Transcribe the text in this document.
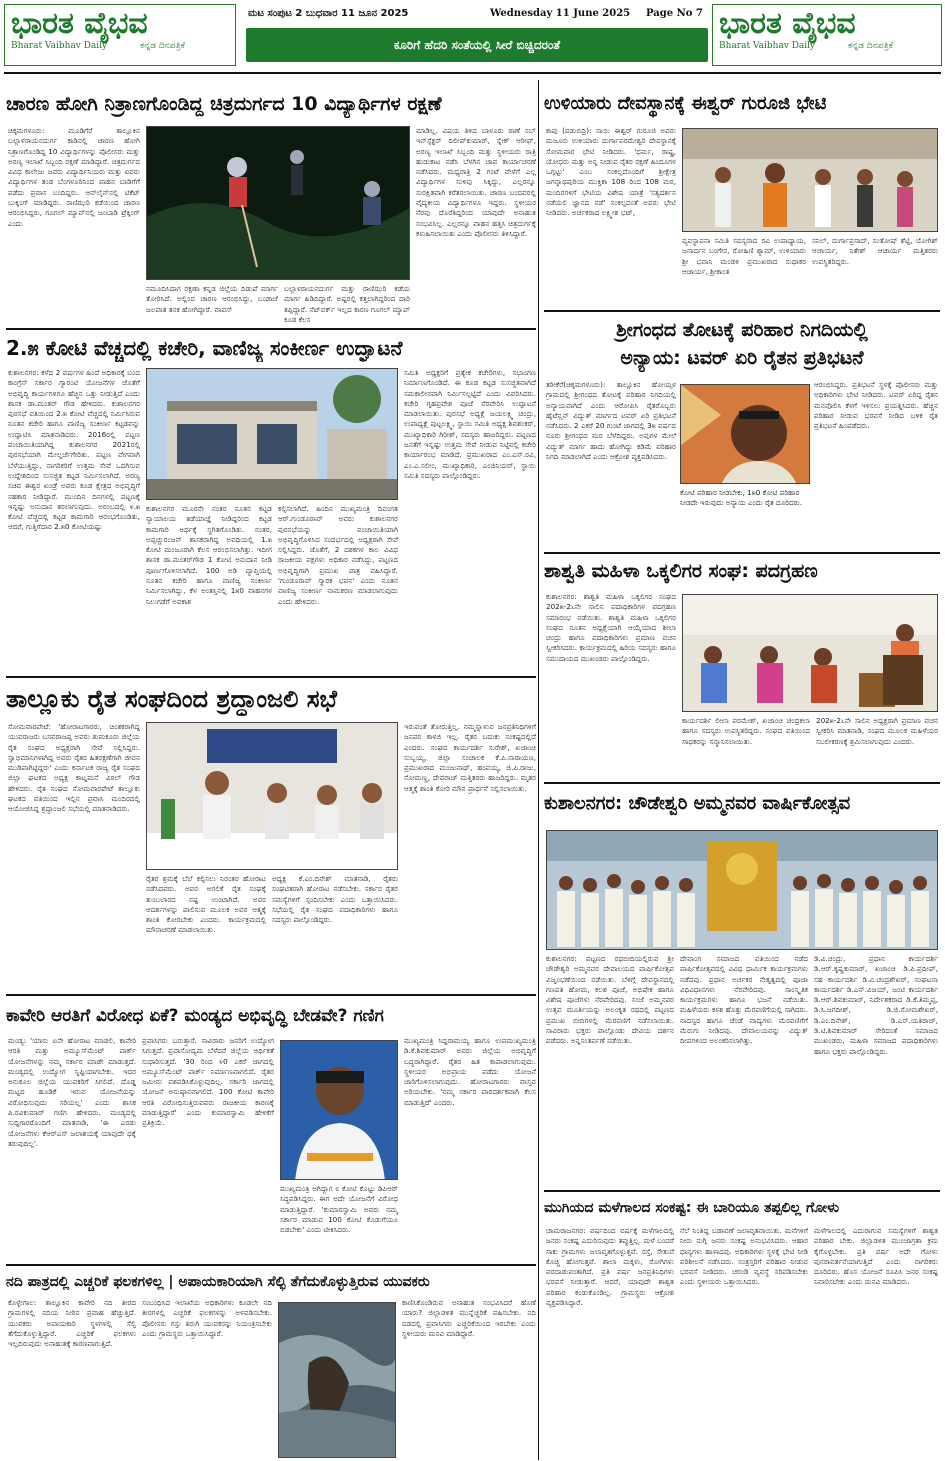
ಭಾರತ ವೈಭವ
Bharat Vaibhav Daily	ಕನ್ನಡ ದಿನಪತ್ರಿಕೆ
ಮಟ ಸಂಪುಟ 2 ಬುಧವಾರ 11 ಜೂನ 2025	Wednesday 11 June 2025	Page No 7
ಕೂರಿಗೆ ಹೆದರಿ ಸಂತೆಯಲ್ಲಿ ಸೀರೆ ಬಿಚ್ಚಿದರಂತೆ
ಭಾರತ ವೈಭವ
Bharat Vaibhav Daily	ಕನ್ನಡ ದಿನಪತ್ರಿಕೆ
ಚಾರಣ ಹೋಗಿ ನಿತ್ರಾಣಗೊಂಡಿದ್ದ ಚಿತ್ರದುರ್ಗದ 10 ವಿದ್ಯಾರ್ಥಿಗಳ ರಕ್ಷಣೆ
ಚಿಕ್ಕಮಗಳೂರು: ಮೂಡಿಗೆರೆ ತಾಲ್ಲೂಕಿನ ಬಲ್ಲಾಳರಾಯನದುರ್ಗ ಕಾಡಿನಲ್ಲಿ ಚಾರಣ ಹೋಗಿ ನಿತ್ರಾಣಗೊಂಡಿದ್ದ 10 ವಿದ್ಯಾರ್ಥಿಗಳನ್ನು ಪೊಲೀಸರು ಮತ್ತು ಅರಣ್ಯ ಇಲಾಖೆ ಸಿಬ್ಬಂದಿ ರಕ್ಷಣೆ ಮಾಡಿದ್ದಾರೆ. ಚಿತ್ರದುರ್ಗದ ವಿವಿಧ ಕಾಲೇಜು ಜವರು ವಿದ್ಯಾರ್ಥಿನಿಯರು ಮತ್ತು ಐವರು ವಿದ್ಯಾರ್ಥಿಗಳ ತಂಡ ಬೆಂಗಳೂರಿನಿಂದ ವಾಹನ ಬಾಡಿಗೆಗೆ ಪಡೆದು ಪ್ರವಾಸ ಬಂದಿದ್ದರು. ಆನ್‌ಲೈನ್‌ನಲ್ಲಿ ಟಿಕೆಟ್ ಬುಕ್ಕಿಂಗ್ ಮಾಡಿದ್ದರು. ರಾಣಿಝರಿ ಕಡೆಯಿಂದ ಚಾರಣ ಆರಂಭಿಸಿದ್ದರು, ಗೂಗಲ್ ಮ್ಯಾಪ್‌ನಲ್ಲಿ ಜಂಬಾಡಿ ಟ್ರೆಕ್ಕಿಂಗ್ ಎಂದು
ನಮೂದಿಸಿದಾಗ ರಕ್ಷಣಾ ಕನ್ನಡ ಜಿಲ್ಲೆಯ ದಿಡುಪೆ ಮಾರ್ಗ ತೋರಿಸಿದೆ. ಅಲ್ಲಿಂದ ಚಾರಣ ಆರಂಭಿಸಿದ್ದು, ಬಂಡಾಜೆ ಜಲಪಾತ ತನಕ ಹೋಗಿದ್ದಾರೆ. ವಾಪಸ್
ಬಲ್ಲಾಳರಾಯನದುರ್ಗ ಮತ್ತು ರಾಣಿಝರಿ ಕಡೆಯ ಮಾರ್ಗ ಹಿಡಿದಿದ್ದಾರೆ. ಅಷ್ಟರಲ್ಲಿ ಕತ್ತಲಾಗಿದ್ದರಿಂದ ದಾರಿ ತಪ್ಪಿದ್ದಾರೆ. ನೆಟ್‌ವರ್ಕ್ ಇಲ್ಲದ ಕಾರಣ ಗೂಗಲ್ ಮ್ಯಾಪ್ ಕೂಡ ಕೆಲಸ
ಮಾಡಿಲ್ಲ. ವಿಷಯ ತಿಳಿದ ಬಾಳೂರು ಠಾಣೆ ಸಬ್ ಇನ್‌ಸ್ಪೆಕ್ಟರ್ ದಿಲೀಪ್‌ಕುಮಾರ್, ಸ್ನೇಕ್ ಆರೀಫ್, ಅರಣ್ಯ ಇಲಾಖೆ ಸಿಬ್ಬಂದಿ ಮತ್ತು ಸ್ಥಳೀಯರು ರಾತ್ರಿ ಹುಡುಕಾಟ ನಡೆಸಿ ಬೆಳಗಿನ ಜಾವ ಕಾರ್ಯಾಚರಣೆ ನಡೆಸಿದರು. ಮಧ್ಯರಾತ್ರಿ 2 ಗಂಟೆ ವೇಳೆಗೆ ಎಲ್ಲ ವಿದ್ಯಾರ್ಥಿಗಳ ಸುಳಿವು ಸಿಕ್ಕಿದ್ದು, ಎಲ್ಲರನ್ನೂ ಸುರಕ್ಷಿತವಾಗಿ ಕರೆತರಲಾಯಿತು. ಚಾರಣ ಬಂದವರಲ್ಲಿ ವೈದ್ಯಕೀಯ ವಿದ್ಯಾರ್ಥಿಗಳೂ ಇದ್ದರು. ಸ್ಥಳೀಯರ ನೆರವು ದೊರೆತಿದ್ದರಿಂದ ಯಾವುದೇ ಅನಾಹುತ ಸಂಭವಿಸಿಲ್ಲ. ಎಲ್ಲರನ್ನೂ ವಾಹನ ಹತ್ತಿಸಿ ಚಿತ್ರದುರ್ಗಕ್ಕೆ ಕಳುಹಿಸಲಾಯಿತು ಎಂದು ಪೊಲೀಸರು ತಿಳಿಸಿದ್ದಾರೆ.
2.೫ ಕೋಟಿ ವೆಚ್ಚದಲ್ಲಿ ಕಚೇರಿ, ವಾಣಿಜ್ಯ ಸಂಕೀರ್ಣ ಉದ್ಘಾಟನೆ
ಕುಶಾಲನಗರ: ಕಳೆದ 2 ವರ್ಷಗಳ ಹಿಂದೆ ಅಧಿಕಾರಕ್ಕೆ ಬಂದ ಕಾಂಗ್ರೆಸ್ ಸರ್ಕಾರ ಗ್ಯಾರಂಟಿ ಯೋಜನೆಗಳ ಜೊತೆಗೆ ಅಭಿವೃದ್ಧಿ ಕಾರ್ಯಗಳಿಗೂ ಹೆಚ್ಚಿನ ಒತ್ತು ನೀಡುತ್ತಿದೆ ಎಂದು ಶಾಸಕ ಡಾ.ಮಂತರ್ ಗೌಡ ಹೇಳಿದರು. ಕುಶಾಲನಗರ ಪುರಸಭೆ ವತಿಯಿಂದ 2.೫ ಕೋಟಿ ವೆಚ್ಚದಲ್ಲಿ ನಿರ್ಮಿಸಿರುವ ನೂತನ ಕಚೇರಿ ಹಾಗೂ ವಾಣಿಜ್ಯ ಸಂಕೀರ್ಣ ಕಟ್ಟಡವನ್ನು ಉದ್ಘಾಟಿಸಿ ಮಾತನಾಡಿದರು. 2016ರಲ್ಲಿ ಪಟ್ಟಣ ಪಂಚಾಯಿತಿಯಾಗಿದ್ದ ಕುಶಾಲನಗರ 2021ರಲ್ಲಿ ಪುರಸಭೆಯಾಗಿ ಮೇಲ್ದರ್ಜೆಗೇರಿತು. ಪಟ್ಟಣ ವೇಗವಾಗಿ ಬೆಳೆಯುತ್ತಿದ್ದು, ನಾಗರಿಕರಿಗೆ ಉತ್ತಮ ಸೇವೆ ಒದಗಿಸುವ ಉದ್ದೇಶದಿಂದ ಸುಸಜ್ಜಿತ ಕಟ್ಟಡ ನಿರ್ಮಿಸಲಾಗಿದೆ. ಅರಣ್ಯ ಸಚಿವ ಈಶ್ವರ ಖಂಡ್ರೆ ಅವರು ಕೂಡ ಕ್ಷೇತ್ರದ ಅಭಿವೃದ್ಧಿಗೆ ಸಹಕಾರ ನೀಡಿದ್ದಾರೆ. ಮುಂದಿನ ದಿನಗಳಲ್ಲಿ ಪಟ್ಟಣಕ್ಕೆ ಇನ್ನಷ್ಟು ಅನುದಾನ ತರಲಾಗುವುದು. ಅರಂಬದಲ್ಲಿ ೪.೫ ಕೋಟಿ ವೆಚ್ಚದಲ್ಲಿ ಕಟ್ಟಡ ಕಾಮಗಾರಿ ಆರಂಭಗೊಂಡಿತು, ಆದರೆ, ಗುತ್ತಿಗೆದಾರ 2.೫0 ಕೋಟಿಯಷ್ಟು
ಕುಶಾಲನಗರ ಮೂರನೇ ನಂತರ ನೂತನ ಕಟ್ಟಡ ನ್ಯಾಯಾಲಯ ತಡೆಯಾಜ್ಞೆ ನೀಡಿದ್ದರಿಂದ ಕಟ್ಟಡ ಕಾಮಗಾರಿ ಅರ್ಧಕ್ಕೆ ಸ್ಥಗಿತಗೊಂಡಿತು. ನಂತರ, ಅಪ್ಪಚ್ಚುರಂಜನ್ ಶಾಸಕರಾಗಿದ್ದ ಅವಧಿಯಲ್ಲಿ 1.೫ ಕೋಟಿ ಮಂಜೂರಾಗಿ ಕೆಲಸ ಆರಂಭಿಸಲಾಗಿತ್ತು. ಇದೀಗ ಶಾಸಕ ಡಾ.ಮಂತರ್‌ಗೌಡ 1 ಕೋಟಿ ಅನುದಾನ ನೀಡಿ ಪೂರ್ಣಗೊಳಿಸಲಾಗಿದೆ. 100 ಅಡಿ ವ್ಯಾಪ್ತಿಯಲ್ಲಿ ನೂತನ ಕಚೇರಿ ಹಾಗೂ ವಾಣಿಜ್ಯ ಸಂಕೀರ್ಣ ನಿರ್ಮಿಸಲಾಗಿದ್ದು, ಕೆಳ ಅಂತಸ್ತಿನಲ್ಲಿ 1೫0 ವಾಹನಗಳ ನಿಲುಗಡೆಗೆ ಅವಕಾಶ
ಕಲ್ಪಿಸಲಾಗಿದೆ. ಹಿಂದಿನ ಮುಖ್ಯಮಂತ್ರಿ ದಿವಂಗತ ಆರ್.ಗುಂಡೂರಾವ್ ಅವರು ಕುಶಾಲನಗರ ಪುರಸಭೆಯನ್ನು ಪಂಚಾಯಿತಿಯಾಗಿ ಅಭಿವೃದ್ಧಿಗೊಳಿಸಿದ ಸಂದರ್ಭದಲ್ಲಿ ಅಧ್ಯಕ್ಷರಾಗಿ ಸೇವೆ ಸಲ್ಲಿಸಿದ್ದರು. ಜೊತೆಗೆ, 2 ದಶಕಗಳ ಕಾಲ ವಿವಿಧ ರಾಜಕೀಯ ಪಕ್ಷಗಳು ಅಧಿಕಾರ ನಡೆಸಿದ್ದು, ಪಟ್ಟಣದ ಅಭಿವೃದ್ಧಿಗಾಗಿ ಪ್ರಮುಖ ಪಾತ್ರ ವಹಿಸಿದ್ದಾರೆ. 'ಗುಂಡೂರಾವ್ ಸ್ಮಾರಕ ಭವನ' ಎಂದು ನೂತನ ವಾಣಿಜ್ಯ ಸಂಕೀರ್ಣ ನಾಮಕರಣ ಮಾಡಲಾಗುವುದು ಎಂದು ಹೇಳಿದರು.
ಸಮಿತಿ ಅಧ್ಯಕ್ಷರಿಗೆ ಪ್ರತ್ಯೇಕ ಕಚೇರಿಗಳು, ಸಭಾಂಗಣ ನಿರ್ಮಾಣಗೊಂಡಿದೆ. ಈ ಕೂಡ ಕಟ್ಟಡ ಸುಸಜ್ಜಿತವಾಗಿದೆ ಸಮಕಾಲೀನವಾಗಿ ನಿರ್ಮಿಸಲ್ಪಟ್ಟಿದೆ ಎಂದು ವಿವರಿಸಿದರು. ಕಚೇರಿ ಗೃಹಪ್ರವೇಶ ಪೂಜೆ ನೆರವೇರಿಸಿ ಉದ್ಘಾಟನೆ ಮಾಡಲಾಯಿತು. ಪುರಸಭೆ ಅಧ್ಯಕ್ಷೆ ಜಯಲಕ್ಷ್ಮಿ ಚಂದ್ರು, ಉಪಾಧ್ಯಕ್ಷೆ ಪುಟ್ಟಲಕ್ಷ್ಮಿ, ಸ್ಥಾಯಿ ಸಮಿತಿ ಅಧ್ಯಕ್ಷ ಶಿವಶಂಕರ್, ಮುಖ್ಯಾಧಿಕಾರಿ ಗಿರೀಶ್, ಸದಸ್ಯರು ಹಾಜರಿದ್ದರು. ಪಟ್ಟಣದ ಜನತೆಗೆ ಇನ್ನಷ್ಟು ಉತ್ತಮ ಸೇವೆ ನೀಡುವ ನಿಟ್ಟಿನಲ್ಲಿ ಕಚೇರಿ ಕಾರ್ಯಾರಂಭ ಮಾಡಿದೆ. ಪ್ರಮುಖರಾದ ಎಂ.ಎಸ್.ರವಿ, ಎಂ.ಎ.ಸಲೀಂ, ಮುಖ್ಯಾಧಿಕಾರಿ, ಎಂಜಿನಿಯರ್, ಸ್ಥಾಯಿ ಸಮಿತಿ ಸದಸ್ಯರು ಪಾಲ್ಗೊಂಡಿದ್ದರು.
ತಾಲ್ಲೂಕು ರೈತ ಸಂಘದಿಂದ ಶ್ರದ್ಧಾಂಜಲಿ ಸಭೆ
ಸೋಮವಾರಪೇಟೆ: 'ಹೋರಾಟಗಾರರು, ಚಿಂತಕರಾಗಿದ್ದ ಯುವರಾಜರು ಬಸವರಾಜಪ್ಪ ಅವರು ತುಮಕೂರು ಜಿಲ್ಲೆಯ ರೈತ ಸಂಘದ ಅಧ್ಯಕ್ಷರಾಗಿ ಸೇವೆ ಸಲ್ಲಿಸಿದ್ದರು. ಸ್ವಾಭಿಮಾನಿಗಳಾಗಿದ್ದ ಅವರು ರೈತರ ಹಿತರಕ್ಷಣೆಗಾಗಿ ಜೀವನ ಮುಡಿಪಾಗಿಟ್ಟಿದ್ದರು' ಎಂದು ಕರ್ನಾಟಕ ರಾಜ್ಯ ರೈತ ಸಂಘದ ಜಿಲ್ಲಾ ಘಟಕದ ಅಧ್ಯಕ್ಷ ಕಾಟ್ನಮನೆ ವಿಠಲ್ ಗೌಡ ಹೇಳಿದರು. ರೈತ ಸಂಘದ ಸೋಮವಾರಪೇಟೆ ತಾಲ್ಲೂಕು ಘಟಕದ ವತಿಯಿಂದ ಇಲ್ಲಿನ ಪ್ರವಾಸಿ ಮಂದಿರದಲ್ಲಿ ಆಯೋಜಿಸಿದ್ದ ಶ್ರದ್ಧಾಂಜಲಿ ಸಭೆಯಲ್ಲಿ ಮಾತನಾಡಿದರು.
ರೈತರ ಶ್ರಮಕ್ಕೆ ಬೆಲೆ ಕಲ್ಪಿಸಲು ನಿರಂತರ ಹೋರಾಟ ನಡೆಸಿದವರು. ಅವರ ಅಗಲಿಕೆ ರೈತ ಸಂಘಕ್ಕೆ ತುಂಬಲಾರದ ನಷ್ಟ ಉಂಟಾಗಿದೆ. ಅವರ ಆದರ್ಶಗಳನ್ನು ಪಾಲಿಸುವ ಮೂಲಕ ಅವರ ಆತ್ಮಕ್ಕೆ ಶಾಂತಿ ಕೋರಬೇಕು ಎಂದರು. ಕಾರ್ಯಕ್ರಮದಲ್ಲಿ ಮೌನಾಚರಣೆ ಮಾಡಲಾಯಿತು.
ಅಧ್ಯಕ್ಷ ಕೆ.ಎಂ.ದಿನೇಶ್ ಮಾತನಾಡಿ, ರೈತರು ಸಂಘಟಿತರಾಗಿ ಹೋರಾಟ ನಡೆಸಬೇಕು. ಸರ್ಕಾರ ರೈತರ ಸಮಸ್ಯೆಗಳಿಗೆ ಸ್ಪಂದಿಸಬೇಕು ಎಂದು ಒತ್ತಾಯಿಸಿದರು. ಸಭೆಯಲ್ಲಿ ರೈತ ಸಂಘದ ಪದಾಧಿಕಾರಿಗಳು ಹಾಗೂ ಸದಸ್ಯರು ಪಾಲ್ಗೊಂಡಿದ್ದರು.
ಇರುವಂತೆ ತೋರುತ್ತಿಲ್ಲ. ನಮ್ಮನ್ನಾಳುವ ಜನಪ್ರತಿನಿಧಿಗಳಿಗೆ ಜನಪರ ಕಾಳಜಿ ಇಲ್ಲ. ರೈತರ ಬದುಕು ಸಂಕಷ್ಟದಲ್ಲಿದೆ ಎಂದರು. ಸಂಘದ ಕಾರ್ಯದರ್ಶಿ ಸುರೇಶ್, ಖಜಾಂಚಿ ಸುಬ್ಬಯ್ಯ, ಜಿಲ್ಲಾ ಸಂಚಾಲಕ ಕೆ.ಪಿ.ನಾರಾಯಣ, ಪ್ರಮುಖರಾದ ಮಂಜುನಾಥ್, ಹಂಪಯ್ಯ, ಜಿ.ಪಿ.ರಾಜು, ಸೋಮಣ್ಣ, ದೇವರಾಜ್ ಮತ್ತಿತರರು ಹಾಜರಿದ್ದರು. ಮೃತರ ಆತ್ಮಕ್ಕೆ ಶಾಂತಿ ಕೋರಿ ಮೌನ ಪ್ರಾರ್ಥನೆ ಸಲ್ಲಿಸಲಾಯಿತು.
ಕಾವೇರಿ ಆರತಿಗೆ ವಿರೋಧ ಏಕೆ? ಮಂಡ್ಯದ ಅಭಿವೃದ್ಧಿ ಬೇಡವೇ? ಗಣಿಗ
ಮಂಡ್ಯ: 'ಯಾರು ಏನೇ ಹೋರಾಟ ಮಾಡಲಿ, ಕಾವೇರಿ ಆರತಿ ಮತ್ತು ಅಮ್ಯೂಸ್‌ಮೆಂಟ್ ಪಾರ್ಕ್ ಯೋಜನೆಗಳನ್ನು ನಮ್ಮ ಸರ್ಕಾರ ಮಾಡೇ ಮಾಡುತ್ತದೆ. ಮಂಡ್ಯದಲ್ಲಿ ಉದ್ಯೋಗ ಸೃಷ್ಟಿಯಾಗಬೇಕು. ಇದರ ಅನುಕೂಲ ಜಿಲ್ಲೆಯ ಯುವಕರಿಗೆ ಸಿಗಲಿದೆ. ದೊಡ್ಡ ಮಟ್ಟದ ಹೂಡಿಕೆ ಇರುವ ಯೋಜನೆಯನ್ನು ವಿರೋಧಿಸುವುದು ಸರಿಯಲ್ಲ' ಎಂದು ಶಾಸಕ ಪಿ.ರವಿಕುಮಾರ್ ಗಣಿಗ ಹೇಳಿದರು. ಮಂಡ್ಯದಲ್ಲಿ ಸುದ್ದಿಗಾರರೊಂದಿಗೆ ಮಾತನಾಡಿ, 'ಈ ಎರಡು ಯೋಜನೆಗಳು ಕೆಆರ್‌ಎಸ್ ಜಲಾಶಯಕ್ಕೆ ಯಾವುದೇ ಧಕ್ಕೆ ತರುವುದಿಲ್ಲ'.
ಪ್ರವಾಸಿಗರು ಬರುತ್ತಾರೆ. ಸಾವಿರಾರು ಜನರಿಗೆ ಉದ್ಯೋಗ ಸಿಗುತ್ತದೆ. ಪ್ರವಾಸೋದ್ಯಮ ಬೆಳೆದರೆ ಜಿಲ್ಲೆಯ ಆರ್ಥಿಕತೆ ಸುಧಾರಿಸುತ್ತದೆ. '30 ರಿಂದ ೪0 ಎಕರೆ ಜಾಗದಲ್ಲಿ ಅಮ್ಯೂಸ್‌ಮೆಂಟ್ ಪಾರ್ಕ್ ನಿರ್ಮಾಣವಾಗಲಿದೆ. ರೈತರ ಜಮೀನು ವಶಪಡಿಸಿಕೊಳ್ಳುವುದಿಲ್ಲ. ಸರ್ಕಾರಿ ಜಾಗದಲ್ಲಿ ಯೋಜನೆ ಅನುಷ್ಠಾನವಾಗಲಿದೆ. 100 ಕೋಟಿ ಕಾವೇರಿ ಆರತಿ ವಿರೋಧಿಸುತ್ತಿರುವವರು ರಾಜಕೀಯ ಕಾರಣಕ್ಕೆ ಮಾಡುತ್ತಿದ್ದಾರೆ' ಎಂದು ಕುಮಾರಸ್ವಾಮಿ ಹೇಳಿಕೆಗೆ ಪ್ರತಿಕ್ರಿಯೆ.
ಮುಖ್ಯಮಂತ್ರಿ ಅಗಿದ್ದಾಗ ೮ ಕೋಟಿ ಕೊಟ್ಟು ಡಿಪಿಆರ್ ಸಿದ್ಧಪಡಿಸಿದ್ದರು. ಈಗ ಅದೇ ಯೋಜನೆಗೆ ವಿರೋಧ ಮಾಡುತ್ತಿದ್ದಾರೆ. 'ಕುಮಾರಸ್ವಾಮಿ ಅವರು ನಮ್ಮ ಸರ್ಕಾರ ಮಾಡುವ 100 ಕೋಟಿ ಕೊಡುಗೆಯೂ ಬಿಡಬೇಕು' ಎಂದು ಟೀಕಿಸಿದರು.
ಮುಖ್ಯಮಂತ್ರಿ ಸಿದ್ದರಾಮಯ್ಯ ಹಾಗೂ ಉಪಮುಖ್ಯಮಂತ್ರಿ ಡಿ.ಕೆ.ಶಿವಕುಮಾರ್ ಅವರು ಜಿಲ್ಲೆಯ ಅಭಿವೃದ್ಧಿಗೆ ಬದ್ಧರಾಗಿದ್ದಾರೆ. ರೈತರ ಹಿತ ಕಾಪಾಡಲಾಗುವುದು. ಸ್ಥಳೀಯರ ಅಭಿಪ್ರಾಯ ಪಡೆದು ಯೋಜನೆ ಜಾರಿಗೊಳಿಸಲಾಗುವುದು. ಹೋರಾಟಗಾರರು ವಾಸ್ತವ ಅರಿಯಬೇಕು. 'ನಮ್ಮ ಸರ್ಕಾರ ಪಾರದರ್ಶಕವಾಗಿ ಕೆಲಸ ಮಾಡುತ್ತಿದೆ' ಎಂದರು.
ನದಿ ಪಾತ್ರದಲ್ಲಿ ಎಚ್ಚರಿಕೆ ಫಲಕಗಳಿಲ್ಲ | ಅಪಾಯಕಾರಿಯಾಗಿ ಸೆಲ್ಫಿ ತೆಗೆದುಕೊಳ್ಳುತ್ತಿರುವ ಯುವಕರು
ಕೊಳ್ಳೇಗಾಲ: ತಾಲ್ಲೂಕಿನ ಕಾವೇರಿ ನದಿ ತೀರದ ಗ್ರಾಮಗಳಲ್ಲಿ ನದಿಯ ನೀರಿನ ಪ್ರವಾಹ ಹೆಚ್ಚುತ್ತಿದೆ. ಯುವಕರು ಅಪಾಯಕಾರಿ ಸ್ಥಳಗಳಲ್ಲಿ ಸೆಲ್ಫಿ ತೆಗೆದುಕೊಳ್ಳುತ್ತಿದ್ದಾರೆ. ಎಚ್ಚರಿಕೆ ಫಲಕಗಳು ಇಲ್ಲದಿರುವುದು ಅನಾಹುತಕ್ಕೆ ಕಾರಣವಾಗುತ್ತಿದೆ.
ಸಂಬಂಧಿಸಿದ ಇಲಾಖೆಯ ಅಧಿಕಾರಿಗಳು ಕೂಡಲೇ ನದಿ ತೀರಗಳಲ್ಲಿ ಎಚ್ಚರಿಕೆ ಫಲಕಗಳನ್ನು ಅಳವಡಿಸಬೇಕು. ಪೊಲೀಸರು ಗಸ್ತು ತಿರುಗಿ ಯುವಕರನ್ನು ನಿಯಂತ್ರಿಸಬೇಕು ಎಂದು ಗ್ರಾಮಸ್ಥರು ಒತ್ತಾಯಿಸಿದ್ದಾರೆ.
ಕಾಣಿಸಿಕೊಂಡಿರುವ ಅನಾಹುತ ಸಂಭವಿಸಿದರೆ ಹೊಣೆ ಯಾರು? ಜಿಲ್ಲಾಡಳಿತ ಮುನ್ನೆಚ್ಚರಿಕೆ ವಹಿಸಬೇಕು. ನದಿ ದಡದಲ್ಲಿ ಪ್ರವಾಸಿಗರು ಎಚ್ಚರಿಕೆಯಿಂದ ಇರಬೇಕು ಎಂದು ಸ್ಥಳೀಯರು ಮನವಿ ಮಾಡಿದ್ದಾರೆ.
ಉಳಿಯಾರು ದೇವಸ್ಥಾನಕ್ಕೆ ಈಶ್ವರ್ ಗುರೂಜಿ ಭೇಟಿ
ಕಾಪು (ಪಡುಬಿದ್ರಿ): ಸಾಯಿ ಈಶ್ವರ್ ಗುರೂಜಿ ಅವರು ಮಜೂರು ಉಳಿಯಾರು ದುರ್ಗಾಪರಮೇಶ್ವರಿ ದೇವಸ್ಥಾನಕ್ಕೆ ಸೋಮವಾರ ಭೇಟಿ ನೀಡಿದರು. 'ಧರ್ಮ, ರಾಷ್ಟ್ರ, ಯೋಧರು ಮತ್ತು ಅನ್ನ ನೀಡುವ ರೈತರ ರಕ್ಷಣೆ ಹಿಂದೂಗಳ ಒಗ್ಗಟ್ಟು' ಎಂಬ ಸಂಕಲ್ಪದೊಂದಿಗೆ ಶ್ರೀಕ್ಷೇತ್ರ ಜಗನ್ನಾಥಪುರಿಯ ಮುಕ್ತಿಕಾ 108 ರಿಂದ 108 ಮಠ, ಮಂದಿರಗಳಿಗೆ ಭೇಟಿಯ ವಿಶೇಷ ಯಾತ್ರೆ 'ಸತ್ಯದರ್ಶನ ನಡೆಯಲಿ ಜ್ಞಾನದ ನಡೆ' ಸಂಕಲ್ಪದಂತೆ ಅವರು ಭೇಟಿ ನೀಡಿದರು. ಅರ್ಚಕರಾದ ಲಕ್ಷ್ಮೀಶ ಭಟ್,
ವ್ಯವಸ್ಥಾಪನಾ ಸಮಿತಿ ಸದಸ್ಯರಾದ ರವಿ ಉಪಾಧ್ಯಾಯ, ಜನಾರ್ದನ ಬಂಗೇರ, ರೋಹಿಣಿ ಶ್ಯಾಮ್, ಉಳಿಯಾರು ಶ್ರೀ ಭವಾನಿ ಮಂಡಳಿ ಪ್ರಮುಖರಾದ ಸುಧಾಕರ ಆಚಾರ್ಯ, ಶ್ರೀಕಾಂತ
ಸನಿಲ್, ದುರ್ಗಾಪ್ರಸಾದ್, ಸಂತೋಷ್ ಶೆಟ್ಟಿ, ಯೋಗಿಶ್ ಆಚಾರ್ಯ, ನಿತೇಶ್ ಆಚಾರ್ಯ ಮತ್ತಿತರರು ಉಪಸ್ಥಿತರಿದ್ದರು.
ಶ್ರೀಗಂಧದ ತೋಟಕ್ಕೆ ಪರಿಹಾರ ನಿಗದಿಯಲ್ಲಿ
ಅನ್ಯಾಯ: ಟವರ್ ಏರಿ ರೈತನ ಪ್ರತಿಭಟನೆ
ತರೀಕೆರೆ(ಚಿಕ್ಕಮಗಳೂರು): ತಾಲ್ಲೂಕಿನ ಹೋಯ್ಸಳ ಗ್ರಾಮದಲ್ಲಿ ಶ್ರೀಗಂಧದ ತೋಟಕ್ಕೆ ಪರಿಹಾರ ನಿಗದಿಯಲ್ಲಿ ಅನ್ಯಾಯವಾಗಿದೆ ಎಂದು ಆರೋಪಿಸಿ ರೈತರೊಬ್ಬರು ಹೈಟೆನ್ಷನ್ ವಿದ್ಯುತ್ ಮಾರ್ಗದ ಟವರ್ ಏರಿ ಪ್ರತಿಭಟನೆ ನಡೆಸಿದರು. 2 ಎಕರೆ 20 ಗುಂಟೆ ಜಾಗದಲ್ಲಿ 3೫ ವರ್ಷದ ನೂರು ಶ್ರೀಗಂಧದ ಮರ ಬೆಳೆದಿದ್ದರು. ಅವುಗಳ ಮೇಲೆ ವಿದ್ಯುತ್ ಮಾರ್ಗ ಹಾದು ಹೋಗಿದ್ದು ಕಡಿಮೆ ಪರಿಹಾರ ನಿಗದಿ ಮಾಡಲಾಗಿದೆ ಎಂದು ಆಕ್ರೋಶ ವ್ಯಕ್ತಪಡಿಸಿದರು.
ಆರಂಭಿಸಿದ್ದರು. ಪ್ರತಿಭಟನೆ ಸ್ಥಳಕ್ಕೆ ಪೊಲೀಸರು ಮತ್ತು ಅಧಿಕಾರಿಗಳು ಭೇಟಿ ನೀಡಿದರು. ಟವರ್ ಏರಿದ್ದ ರೈತನ ಮನವೊಲಿಸಿ ಕೆಳಗೆ ಇಳಿಸಲು ಪ್ರಯತ್ನಿಸಿದರು. ಹೆಚ್ಚಿನ ಪರಿಹಾರ ನೀಡುವ ಭರವಸೆ ನೀಡಿದ ಬಳಿಕ ರೈತ ಪ್ರತಿಭಟನೆ ಹಿಂಪಡೆದರು.
ಕೋಟಿ ಪರಿಹಾರ ನೀಡಬೇಕು, 1೫0 ಕೋಟಿ ಪರಿಹಾರ ನೀಡದೇ ಇರುವುದು ಅನ್ಯಾಯ ಎಂದು ರೈತ ದೂರಿದರು.
ಶಾಶ್ವತಿ ಮಹಿಳಾ ಒಕ್ಕಲಿಗರ ಸಂಘ: ಪದಗ್ರಹಣ
ಕುಶಾಲನಗರ: ಶಾಶ್ವತಿ ಮಹಿಳಾ ಒಕ್ಕಲಿಗರ ಸಂಘದ 202೫-2೬ನೇ ಸಾಲಿನ ಪದಾಧಿಕಾರಿಗಳ ಪದಗ್ರಹಣ ಸಮಾರಂಭ ನಡೆಯಿತು. ಶಾಶ್ವತಿ ಮಹಿಳಾ ಒಕ್ಕಲಿಗರ ಸಂಘದ ನೂತನ ಅಧ್ಯಕ್ಷೆಯಾಗಿ ಆಯ್ಕೆಯಾದ ಶೀಲಾ ಚಂದ್ರು ಹಾಗೂ ಪದಾಧಿಕಾರಿಗಳು ಪ್ರಮಾಣ ವಚನ ಸ್ವೀಕರಿಸಿದರು. ಕಾರ್ಯಕ್ರಮದಲ್ಲಿ ಹಿರಿಯ ಸದಸ್ಯರು ಹಾಗೂ ಸಮುದಾಯದ ಮುಖಂಡರು ಪಾಲ್ಗೊಂಡಿದ್ದರು.
ಕಾರ್ಯದರ್ಶಿ ಲೀಲಾ ಪರಮೇಶ್, ಖಜಾಂಚಿ ಚಂದ್ರಕಲಾ ಹಾಗೂ ಸದಸ್ಯರು ಉಪಸ್ಥಿತರಿದ್ದರು. ಸಂಘದ ವತಿಯಿಂದ ಸಾಧಕರನ್ನು ಸನ್ಮಾನಿಸಲಾಯಿತು.
202೫-2೬ನೇ ಸಾಲಿನ ಅಧ್ಯಕ್ಷರಾಗಿ ಪ್ರಮಾಣ ವಚನ ಸ್ವೀಕರಿಸಿ ಮಾತನಾಡಿ, ಸಂಘದ ಮೂಲಕ ಮಹಿಳೆಯರ ಸಬಲೀಕರಣಕ್ಕೆ ಶ್ರಮಿಸಲಾಗುವುದು ಎಂದರು.
ಕುಶಾಲನಗರ: ಚೌಡೇಶ್ವರಿ ಅಮ್ಮನವರ ವಾರ್ಷಿಕೋತ್ಸವ
ಕುಶಾಲನಗರ: ಪಟ್ಟಣದ ರಥಬೀದಿಯಲ್ಲಿರುವ ಶ್ರೀ ಚೌಡೇಶ್ವರಿ ಅಮ್ಮನವರ ದೇವಾಲಯದ ವಾರ್ಷಿಕೋತ್ಸವ ವಿಜೃಂಭಣೆಯಿಂದ ನಡೆಯಿತು. ಬೆಳಿಗ್ಗೆ ದೇವಸ್ಥಾನದಲ್ಲಿ ಗಣಪತಿ ಹೋಮ, ಕಲಶ ಪೂಜೆ, ಅಭಿಷೇಕ ಹಾಗೂ ವಿಶೇಷ ಪೂಜೆಗಳು ನೆರವೇರಿದವು. ಸಂಜೆ ಅಮ್ಮನವರ ಉತ್ಸವ ಮೂರ್ತಿಯನ್ನು ಅಲಂಕೃತ ರಥದಲ್ಲಿ ಪಟ್ಟಣದ ಪ್ರಮುಖ ಬೀದಿಗಳಲ್ಲಿ ಮೆರವಣಿಗೆ ನಡೆಸಲಾಯಿತು. ಸಾವಿರಾರು ಭಕ್ತರು ಪಾಲ್ಗೊಂಡು ದೇವಿಯ ದರ್ಶನ ಪಡೆದರು. ಅನ್ನಸಂತರ್ಪಣೆ ನಡೆಯಿತು.
ದೇವಾಂಗ ಸಮಾಜದ ವತಿಯಿಂದ ನಡೆದ ವಾರ್ಷಿಕೋತ್ಸವದಲ್ಲಿ ವಿವಿಧ ಧಾರ್ಮಿಕ ಕಾರ್ಯಕ್ರಮಗಳು ನಡೆದವು. ಪ್ರಧಾನ ಅರ್ಚಕರ ನೇತೃತ್ವದಲ್ಲಿ ಪೂಜಾ ವಿಧಿವಿಧಾನಗಳು ನೆರವೇರಿದವು. ಸಾಂಸ್ಕೃತಿಕ ಕಾರ್ಯಕ್ರಮಗಳು ಹಾಗೂ ಭಜನೆ ನಡೆಯಿತು. ಮಹಿಳೆಯರು ಕಳಶ ಹೊತ್ತು ಮೆರವಣಿಗೆಯಲ್ಲಿ ಸಾಗಿದರು. ನಾದಸ್ವರ ಹಾಗೂ ಚೆಂಡೆ ವಾದ್ಯಗಳು ಮೆರವಣಿಗೆಗೆ ಮೆರುಗು ನೀಡಿದವು. ದೇವಾಲಯವನ್ನು ವಿದ್ಯುತ್ ದೀಪಗಳಿಂದ ಅಲಂಕರಿಸಲಾಗಿತ್ತು.
ಡಿ.ವಿ.ಚಂದ್ರು, ಪ್ರಧಾನ ಕಾರ್ಯದರ್ಶಿ ಡಿ.ಆರ್.ಕೃಷ್ಣಕುಮಾರ್, ಖಜಾಂಚಿ ಡಿ.ಪಿ.ಪ್ರದೀಪ್, ಸಹ ಕಾರ್ಯದರ್ಶಿ ಡಿ.ವಿ.ಚಂದ್ರಶೇಖರ್, ಸಂಘಟನಾ ಕಾರ್ಯದರ್ಶಿ ಡಿ.ಎನ್.ವಿಜಯ್, ಜಂಟಿ ಕಾರ್ಯದರ್ಶಿ ಡಿ.ಆರ್.ಶಿವಕುಮಾರ್, ನಿರ್ದೇಶಕರಾದ ಡಿ.ಕೆ.ತಿಮ್ಮಪ್ಪ, ಡಿ.ಸಿ.ಜಗದೀಶ್, ಡಿ.ಜಿ.ಸೋಮಶೇಖರ್, ಡಿ.ಎಂ.ದಿನೇಶ್, ಡಿ.ಎಸ್.ಯತಿರಾಜ್, ಡಿ.ಟಿ.ಶಿವಕುಮಾರ್ ಸೇರಿದಂತೆ ಸಮಾಜದ ಮುಖಂಡರು, ಮಹಿಳಾ ಸಮಾಜದ ಪದಾಧಿಕಾರಿಗಳು ಹಾಗೂ ಭಕ್ತರು ಪಾಲ್ಗೊಂಡಿದ್ದರು.
ಮುಗಿಯದ ಮಳೆಗಾಲದ ಸಂಕಷ್ಟ: ಈ ಬಾರಿಯೂ ತಪ್ಪಲಿಲ್ಲ ಗೋಳು
ಚಾಮರಾಜನಗರ: ವರ್ಷದಿಂದ ವರ್ಷಕ್ಕೆ ಮಳೆಗಾಲದಲ್ಲಿ ಜನರು ಸಂಕಷ್ಟ ಎದುರಿಸುವುದು ತಪ್ಪುತ್ತಿಲ್ಲ. ಮಳೆ ಬಂದರೆ ಸಾಕು ಗ್ರಾಮಗಳು ಜಲಾವೃತಗೊಳ್ಳುತ್ತವೆ. ರಸ್ತೆ, ಸೇತುವೆ ಕೊಚ್ಚಿ ಹೋಗುತ್ತವೆ. ಶಾಲಾ ಮಕ್ಕಳು, ರೋಗಿಗಳು ಪರದಾಡುವಂತಾಗಿದೆ. ಪ್ರತಿ ವರ್ಷ ಜನಪ್ರತಿನಿಧಿಗಳು ಭರವಸೆ ನೀಡುತ್ತಾರೆ. ಆದರೆ, ಯಾವುದೇ ಶಾಶ್ವತ ಪರಿಹಾರ ಕಂಡುಕೊಂಡಿಲ್ಲ. ಗ್ರಾಮಸ್ಥರು ಆಕ್ರೋಶ ವ್ಯಕ್ತಪಡಿಸಿದ್ದಾರೆ.
ನೆಲೆ ನಿಂತಿದ್ದ ಬಡಾವಣೆ ಜಲಾವೃತವಾಯಿತು. ಮನೆಗಳಿಗೆ ನೀರು ನುಗ್ಗಿ ಜನರು ಸಂಕಷ್ಟ ಅನುಭವಿಸಿದರು. ಆಹಾರ ಧಾನ್ಯಗಳು ಹಾಳಾದವು. ಅಧಿಕಾರಿಗಳು ಸ್ಥಳಕ್ಕೆ ಭೇಟಿ ನೀಡಿ ಪರಿಶೀಲನೆ ನಡೆಸಿದರು. ಸಂತ್ರಸ್ತರಿಗೆ ಪರಿಹಾರ ನೀಡುವ ಭರವಸೆ ನೀಡಿದರು. ಚರಂಡಿ ವ್ಯವಸ್ಥೆ ಸರಿಪಡಿಸಬೇಕು ಎಂದು ಸ್ಥಳೀಯರು ಒತ್ತಾಯಿಸಿದರು.
ಮಳೆಗಾಲದಲ್ಲಿ ಎದುರಾಗುವ ಸಮಸ್ಯೆಗಳಿಗೆ ಶಾಶ್ವತ ಪರಿಹಾರ ಬೇಕು. ಜಿಲ್ಲಾಡಳಿತ ಮುಂಜಾಗ್ರತಾ ಕ್ರಮ ಕೈಗೊಳ್ಳಬೇಕು. ಪ್ರತಿ ವರ್ಷ ಅದೇ ಗೋಳು ಪುನರಾವರ್ತನೆಯಾಗುತ್ತಿದೆ ಎಂದು ನಾಗರಿಕರು ದೂರಿದರು. ಹೊಸ ಯೋಜನೆ ರೂಪಿಸಿ ಜನರ ಸಂಕಷ್ಟ ನಿವಾರಿಸಬೇಕು ಎಂದು ಮನವಿ ಮಾಡಿದರು.
